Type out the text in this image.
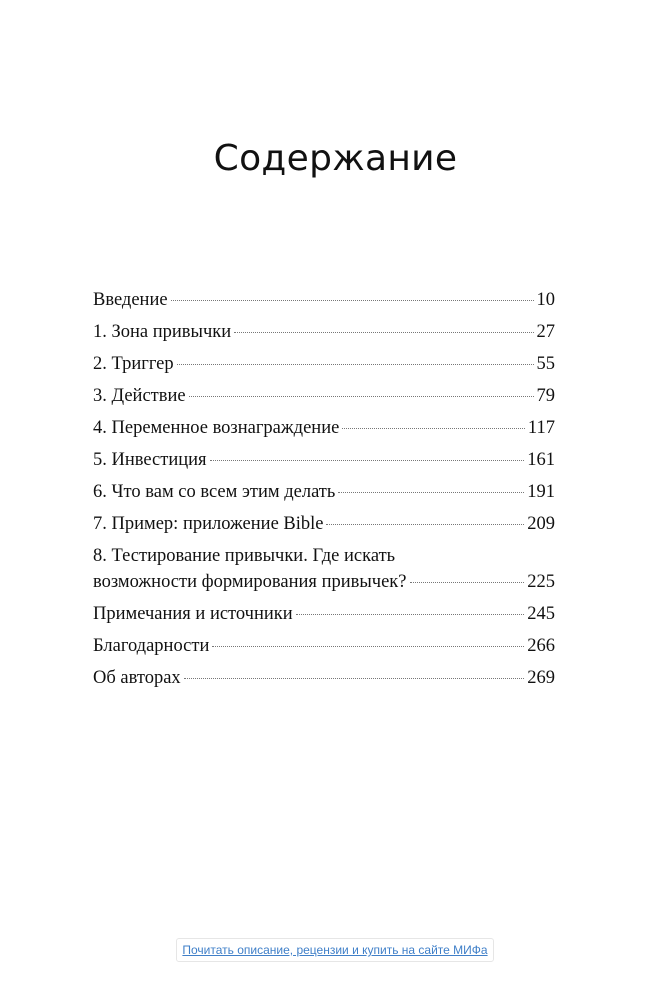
Содержание
Введение	10
1. Зона привычки	27
2. Триггер	55
3. Действие	79
4. Переменное вознаграждение	117
5. Инвестиция	161
6. Что вам со всем этим делать	191
7. Пример: приложение Bible	209
8. Тестирование привычки. Где искать
возможности формирования привычек?	225
Примечания и источники	245
Благодарности	266
Об авторах	269
Почитать описание, рецензии и купить на сайте МИФа
